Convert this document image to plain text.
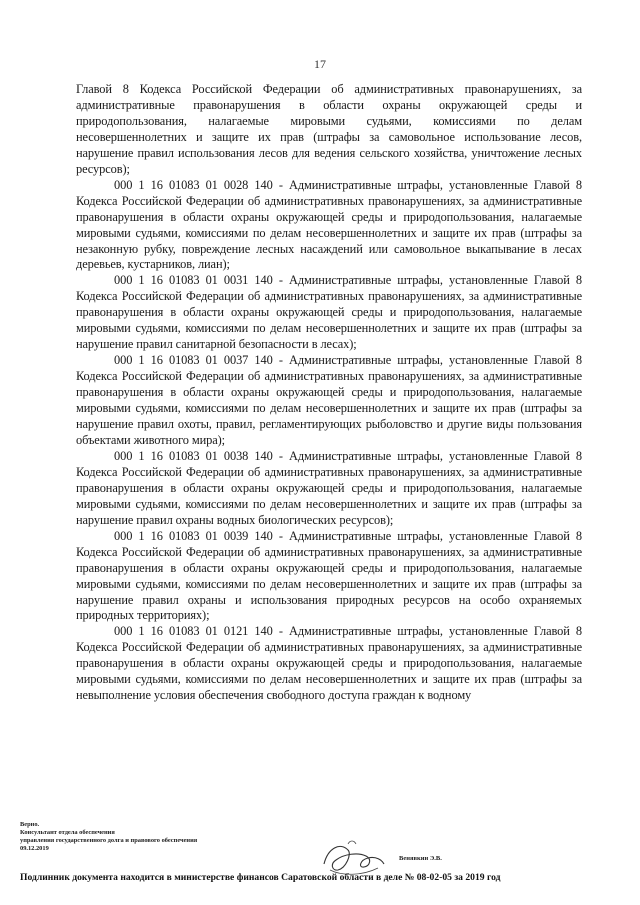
17

Главой 8 Кодекса Российской Федерации об административных правонарушениях, за административные правонарушения в области охраны окружающей среды и природопользования, налагаемые мировыми судьями, комиссиями по делам несовершеннолетних и защите их прав (штрафы за самовольное использование лесов, нарушение правил использования лесов для ведения сельского хозяйства, уничтожение лесных ресурсов);

000 1 16 01083 01 0028 140 - Административные штрафы, установленные Главой 8 Кодекса Российской Федерации об административных правонарушениях, за административные правонарушения в области охраны окружающей среды и природопользования, налагаемые мировыми судьями, комиссиями по делам несовершеннолетних и защите их прав (штрафы за незаконную рубку, повреждение лесных насаждений или самовольное выкапывание в лесах деревьев, кустарников, лиан);

000 1 16 01083 01 0031 140 - Административные штрафы, установленные Главой 8 Кодекса Российской Федерации об административных правонарушениях, за административные правонарушения в области охраны окружающей среды и природопользования, налагаемые мировыми судьями, комиссиями по делам несовершеннолетних и защите их прав (штрафы за нарушение правил санитарной безопасности в лесах);

000 1 16 01083 01 0037 140 - Административные штрафы, установленные Главой 8 Кодекса Российской Федерации об административных правонарушениях, за административные правонарушения в области охраны окружающей среды и природопользования, налагаемые мировыми судьями, комиссиями по делам несовершеннолетних и защите их прав (штрафы за нарушение правил охоты, правил, регламентирующих рыболовство и другие виды пользования объектами животного мира);

000 1 16 01083 01 0038 140 - Административные штрафы, установленные Главой 8 Кодекса Российской Федерации об административных правонарушениях, за административные правонарушения в области охраны окружающей среды и природопользования, налагаемые мировыми судьями, комиссиями по делам несовершеннолетних и защите их прав (штрафы за нарушение правил охраны водных биологических ресурсов);

000 1 16 01083 01 0039 140 - Административные штрафы, установленные Главой 8 Кодекса Российской Федерации об административных правонарушениях, за административные правонарушения в области охраны окружающей среды и природопользования, налагаемые мировыми судьями, комиссиями по делам несовершеннолетних и защите их прав (штрафы за нарушение правил охраны и использования природных ресурсов на особо охраняемых природных территориях);

000 1 16 01083 01 0121 140 - Административные штрафы, установленные Главой 8 Кодекса Российской Федерации об административных правонарушениях, за административные правонарушения в области охраны окружающей среды и природопользования, налагаемые мировыми судьями, комиссиями по делам несовершеннолетних и защите их прав (штрафы за невыполнение условия обеспечения свободного доступа граждан к водному

Верно.
Консультант отдела обеспечения
управления государственного долга и правового обеспечения
09.12.2019
Венявкин Э.В.
Подлинник документа находится в министерстве финансов Саратовской области в деле № 08-02-05 за 2019 год
